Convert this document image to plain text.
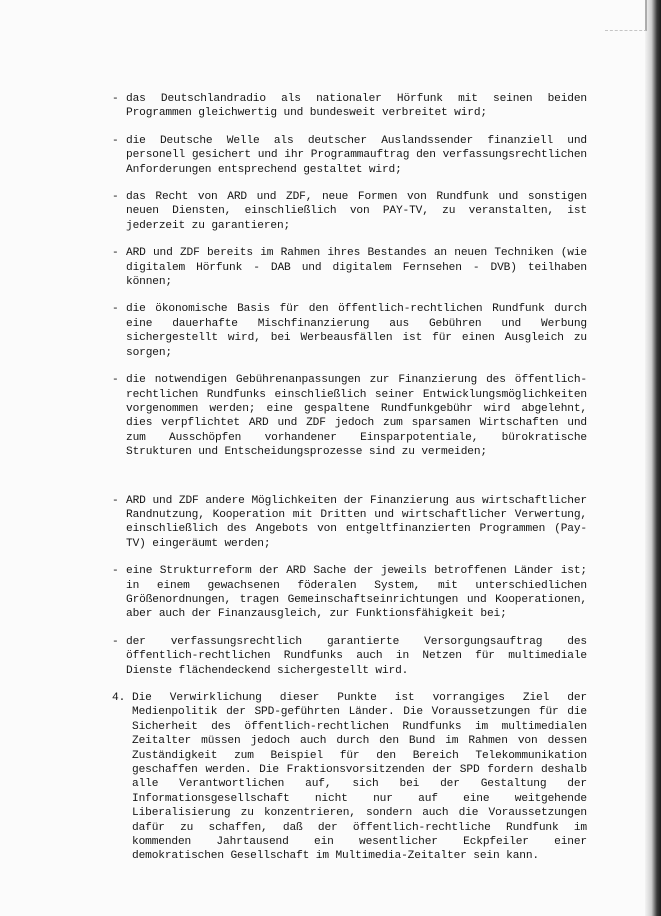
- das Deutschlandradio als nationaler Hörfunk mit seinen beiden Programmen gleichwertig und bundesweit verbreitet wird;
- die Deutsche Welle als deutscher Auslandssender finanziell und personell gesichert und ihr Programmauftrag den verfassungsrechtlichen Anforderungen entsprechend gestaltet wird;
- das Recht von ARD und ZDF, neue Formen von Rundfunk und sonstigen neuen Diensten, einschließlich von PAY-TV, zu veranstalten, ist jederzeit zu garantieren;
- ARD und ZDF bereits im Rahmen ihres Bestandes an neuen Techniken (wie digitalem Hörfunk - DAB und digitalem Fernsehen - DVB) teilhaben können;
- die ökonomische Basis für den öffentlich-rechtlichen Rundfunk durch eine dauerhafte Mischfinanzierung aus Gebühren und Werbung sichergestellt wird, bei Werbeausfällen ist für einen Ausgleich zu sorgen;
- die notwendigen Gebührenanpassungen zur Finanzierung des öffentlich-rechtlichen Rundfunks einschließlich seiner Entwicklungsmöglichkeiten vorgenommen werden; eine gespaltene Rundfunkgebühr wird abgelehnt, dies verpflichtet ARD und ZDF jedoch zum sparsamen Wirtschaften und zum Ausschöpfen vorhandener Einsparpotentiale, bürokratische Strukturen und Entscheidungsprozesse sind zu vermeiden;
- ARD und ZDF andere Möglichkeiten der Finanzierung aus wirtschaftlicher Randnutzung, Kooperation mit Dritten und wirtschaftlicher Verwertung, einschließlich des Angebots von entgeltfinanzierten Programmen (Pay-TV) eingeräumt werden;
- eine Strukturreform der ARD Sache der jeweils betroffenen Länder ist; in einem gewachsenen föderalen System, mit unterschiedlichen Größenordnungen, tragen Gemeinschaftseinrichtungen und Kooperationen, aber auch der Finanzausgleich, zur Funktionsfähigkeit bei;
- der verfassungsrechtlich garantierte Versorgungsauftrag des öffentlich-rechtlichen Rundfunks auch in Netzen für multimediale Dienste flächendeckend sichergestellt wird.
4. Die Verwirklichung dieser Punkte ist vorrangiges Ziel der Medienpolitik der SPD-geführten Länder. Die Voraussetzungen für die Sicherheit des öffentlich-rechtlichen Rundfunks im multimedialen Zeitalter müssen jedoch auch durch den Bund im Rahmen von dessen Zuständigkeit zum Beispiel für den Bereich Telekommunikation geschaffen werden. Die Fraktionsvorsitzenden der SPD fordern deshalb alle Verantwortlichen auf, sich bei der Gestaltung der Informationsgesellschaft nicht nur auf eine weitgehende Liberalisierung zu konzentrieren, sondern auch die Voraussetzungen dafür zu schaffen, daß der öffentlich-rechtliche Rundfunk im kommenden Jahrtausend ein wesentlicher Eckpfeiler einer demokratischen Gesellschaft im Multimedia-Zeitalter sein kann.
